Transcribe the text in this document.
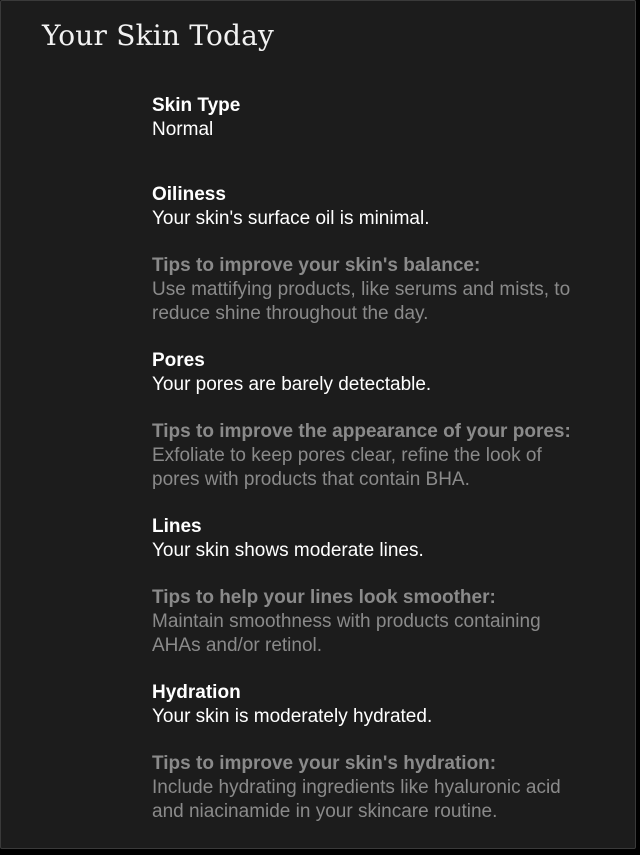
Your Skin Today
Skin Type
Normal
Oiliness
Your skin's surface oil is minimal.
Tips to improve your skin's balance:
Use mattifying products, like serums and mists, to
reduce shine throughout the day.
Pores
Your pores are barely detectable.
Tips to improve the appearance of your pores:
Exfoliate to keep pores clear, refine the look of
pores with products that contain BHA.
Lines
Your skin shows moderate lines.
Tips to help your lines look smoother:
Maintain smoothness with products containing
AHAs and/or retinol.
Hydration
Your skin is moderately hydrated.
Tips to improve your skin's hydration:
Include hydrating ingredients like hyaluronic acid
and niacinamide in your skincare routine.
